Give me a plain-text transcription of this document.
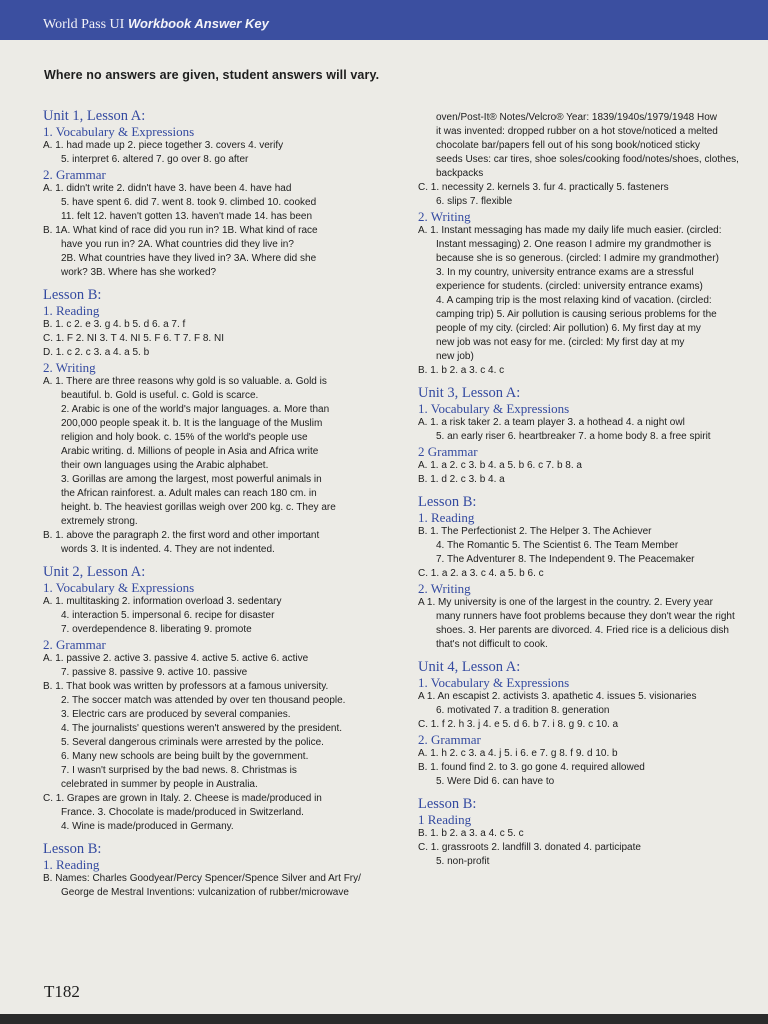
World Pass UI Workbook Answer Key
Where no answers are given, student answers will vary.
Unit 1, Lesson A:
1. Vocabulary & Expressions
A. 1. had made up 2. piece together 3. covers 4. verify
5. interpret 6. altered 7. go over 8. go after
2. Grammar
A. 1. didn't write 2. didn't have 3. have been 4. have had
5. have spent 6. did 7. went 8. took 9. climbed 10. cooked
11. felt 12. haven't gotten 13. haven't made 14. has been
B. 1A. What kind of race did you run in? 1B. What kind of race
have you run in? 2A. What countries did they live in?
2B. What countries have they lived in? 3A. Where did she
work? 3B. Where has she worked?
Lesson B:
1. Reading
B. 1. c 2. e 3. g 4. b 5. d 6. a 7. f
C. 1. F 2. NI 3. T 4. NI 5. F 6. T 7. F 8. NI
D. 1. c 2. c 3. a 4. a 5. b
2. Writing
A. 1. There are three reasons why gold is so valuable. a. Gold is
beautiful. b. Gold is useful. c. Gold is scarce.
2. Arabic is one of the world's major languages. a. More than
200,000 people speak it. b. It is the language of the Muslim
religion and holy book. c. 15% of the world's people use
Arabic writing. d. Millions of people in Asia and Africa write
their own languages using the Arabic alphabet.
3. Gorillas are among the largest, most powerful animals in
the African rainforest. a. Adult males can reach 180 cm. in
height. b. The heaviest gorillas weigh over 200 kg. c. They are
extremely strong.
B. 1. above the paragraph 2. the first word and other important
words 3. It is indented. 4. They are not indented.
Unit 2, Lesson A:
1. Vocabulary & Expressions
A. 1. multitasking 2. information overload 3. sedentary
4. interaction 5. impersonal 6. recipe for disaster
7. overdependence 8. liberating 9. promote
2. Grammar
A. 1. passive 2. active 3. passive 4. active 5. active 6. active
7. passive 8. passive 9. active 10. passive
B. 1. That book was written by professors at a famous university.
2. The soccer match was attended by over ten thousand people.
3. Electric cars are produced by several companies.
4. The journalists' questions weren't answered by the president.
5. Several dangerous criminals were arrested by the police.
6. Many new schools are being built by the government.
7. I wasn't surprised by the bad news. 8. Christmas is
celebrated in summer by people in Australia.
C. 1. Grapes are grown in Italy. 2. Cheese is made/produced in
France. 3. Chocolate is made/produced in Switzerland.
4. Wine is made/produced in Germany.
Lesson B:
1. Reading
B. Names: Charles Goodyear/Percy Spencer/Spence Silver and Art Fry/
George de Mestral Inventions: vulcanization of rubber/microwave
oven/Post-It® Notes/Velcro® Year: 1839/1940s/1979/1948 How
it was invented: dropped rubber on a hot stove/noticed a melted
chocolate bar/papers fell out of his song book/noticed sticky
seeds Uses: car tires, shoe soles/cooking food/notes/shoes, clothes,
backpacks
C. 1. necessity 2. kernels 3. fur 4. practically 5. fasteners
6. slips 7. flexible
2. Writing
A. 1. Instant messaging has made my daily life much easier. (circled:
Instant messaging) 2. One reason I admire my grandmother is
because she is so generous. (circled: I admire my grandmother)
3. In my country, university entrance exams are a stressful
experience for students. (circled: university entrance exams)
4. A camping trip is the most relaxing kind of vacation. (circled:
camping trip) 5. Air pollution is causing serious problems for the
people of my city. (circled: Air pollution) 6. My first day at my
new job was not easy for me. (circled: My first day at my
new job)
B. 1. b 2. a 3. c 4. c
Unit 3, Lesson A:
1. Vocabulary & Expressions
A. 1. a risk taker 2. a team player 3. a hothead 4. a night owl
5. an early riser 6. heartbreaker 7. a home body 8. a free spirit
2 Grammar
A. 1. a 2. c 3. b 4. a 5. b 6. c 7. b 8. a
B. 1. d 2. c 3. b 4. a
Lesson B:
1. Reading
B. 1. The Perfectionist 2. The Helper 3. The Achiever
4. The Romantic 5. The Scientist 6. The Team Member
7. The Adventurer 8. The Independent 9. The Peacemaker
C. 1. a 2. a 3. c 4. a 5. b 6. c
2. Writing
A 1. My university is one of the largest in the country. 2. Every year
many runners have foot problems because they don't wear the right
shoes. 3. Her parents are divorced. 4. Fried rice is a delicious dish
that's not difficult to cook.
Unit 4, Lesson A:
1. Vocabulary & Expressions
A 1. An escapist 2. activists 3. apathetic 4. issues 5. visionaries
6. motivated 7. a tradition 8. generation
C. 1. f 2. h 3. j 4. e 5. d 6. b 7. i 8. g 9. c 10. a
2. Grammar
A. 1. h 2. c 3. a 4. j 5. i 6. e 7. g 8. f 9. d 10. b
B. 1. found find 2. to 3. go gone 4. required allowed
5. Were Did 6. can have to
Lesson B:
1 Reading
B. 1. b 2. a 3. a 4. c 5. c
C. 1. grassroots 2. landfill 3. donated 4. participate
5. non-profit
T182
